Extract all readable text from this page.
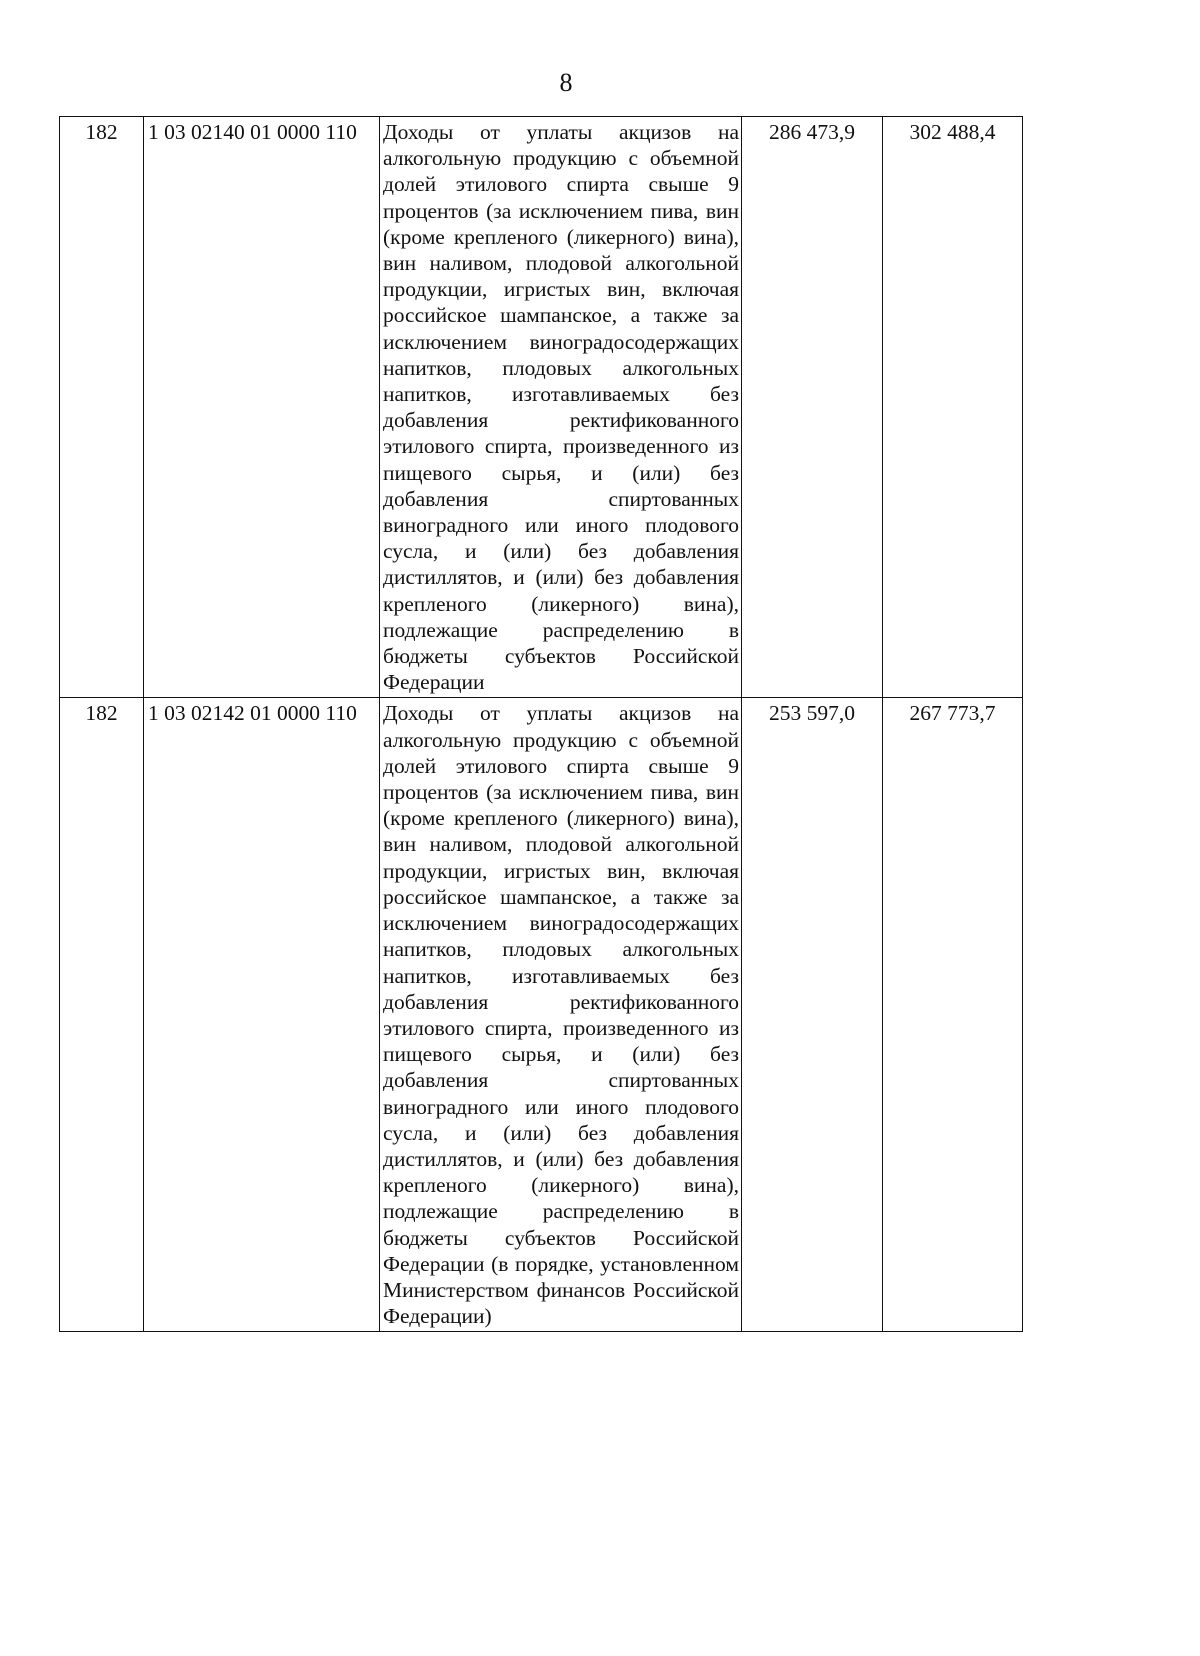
8
182	1 03 02140 01 0000 110	Доходы от уплаты акцизов на алкогольную продукцию с объемной долей этилового спирта свыше 9 процентов (за исключением пива, вин (кроме крепленого (ликерного) вина), вин наливом, плодовой алкогольной продукции, игристых вин, включая российское шампанское, а также за исключением виноградосодержащих напитков, плодовых алкогольных напитков, изготавливаемых без добавления ректификованного этилового спирта, произведенного из пищевого сырья, и (или) без добавления спиртованных виноградного или иного плодового сусла, и (или) без добавления дистиллятов, и (или) без добавления крепленого (ликерного) вина), подлежащие распределению в бюджеты субъектов Российской Федерации	286 473,9	302 488,4
182	1 03 02142 01 0000 110	Доходы от уплаты акцизов на алкогольную продукцию с объемной долей этилового спирта свыше 9 процентов (за исключением пива, вин (кроме крепленого (ликерного) вина), вин наливом, плодовой алкогольной продукции, игристых вин, включая российское шампанское, а также за исключением виноградосодержащих напитков, плодовых алкогольных напитков, изготавливаемых без добавления ректификованного этилового спирта, произведенного из пищевого сырья, и (или) без добавления спиртованных виноградного или иного плодового сусла, и (или) без добавления дистиллятов, и (или) без добавления крепленого (ликерного) вина), подлежащие распределению в бюджеты субъектов Российской Федерации (в порядке, установленном Министерством финансов Российской Федерации)	253 597,0	267 773,7
